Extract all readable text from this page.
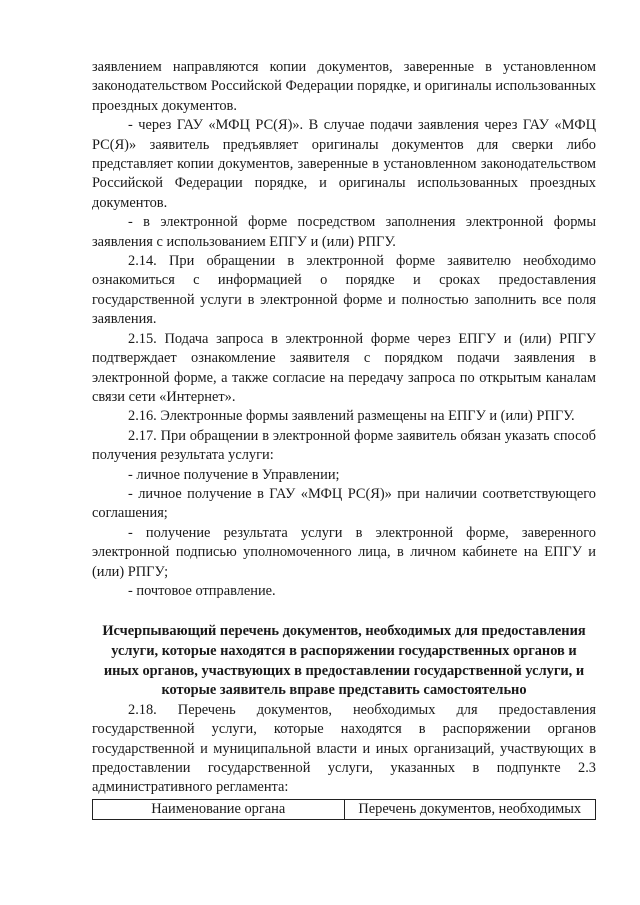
заявлением направляются копии документов, заверенные в установленном законодательством Российской Федерации порядке, и оригиналы использованных проездных документов.

- через ГАУ «МФЦ РС(Я)». В случае подачи заявления через ГАУ «МФЦ РС(Я)» заявитель предъявляет оригиналы документов для сверки либо представляет копии документов, заверенные в установленном законодательством Российской Федерации порядке, и оригиналы использованных проездных документов.

- в электронной форме посредством заполнения электронной формы заявления с использованием ЕПГУ и (или) РПГУ.

2.14. При обращении в электронной форме заявителю необходимо ознакомиться с информацией о порядке и сроках предоставления государственной услуги в электронной форме и полностью заполнить все поля заявления.

2.15. Подача запроса в электронной форме через ЕПГУ и (или) РПГУ подтверждает ознакомление заявителя с порядком подачи заявления в электронной форме, а также согласие на передачу запроса по открытым каналам связи сети «Интернет».

2.16. Электронные формы заявлений размещены на ЕПГУ и (или) РПГУ.

2.17. При обращении в электронной форме заявитель обязан указать способ получения результата услуги:

- личное получение в Управлении;

- личное получение в ГАУ «МФЦ РС(Я)» при наличии соответствующего соглашения;

- получение результата услуги в электронной форме, заверенного электронной подписью уполномоченного лица, в личном кабинете на ЕПГУ и (или) РПГУ;

- почтовое отправление.

Исчерпывающий перечень документов, необходимых для предоставления услуги, которые находятся в распоряжении государственных органов и иных органов, участвующих в предоставлении государственной услуги, и которые заявитель вправе представить самостоятельно

2.18. Перечень документов, необходимых для предоставления государственной услуги, которые находятся в распоряжении органов государственной и муниципальной власти и иных организаций, участвующих в предоставлении государственной услуги, указанных в подпункте 2.3 административного регламента:

Наименование органа	Перечень документов, необходимых
